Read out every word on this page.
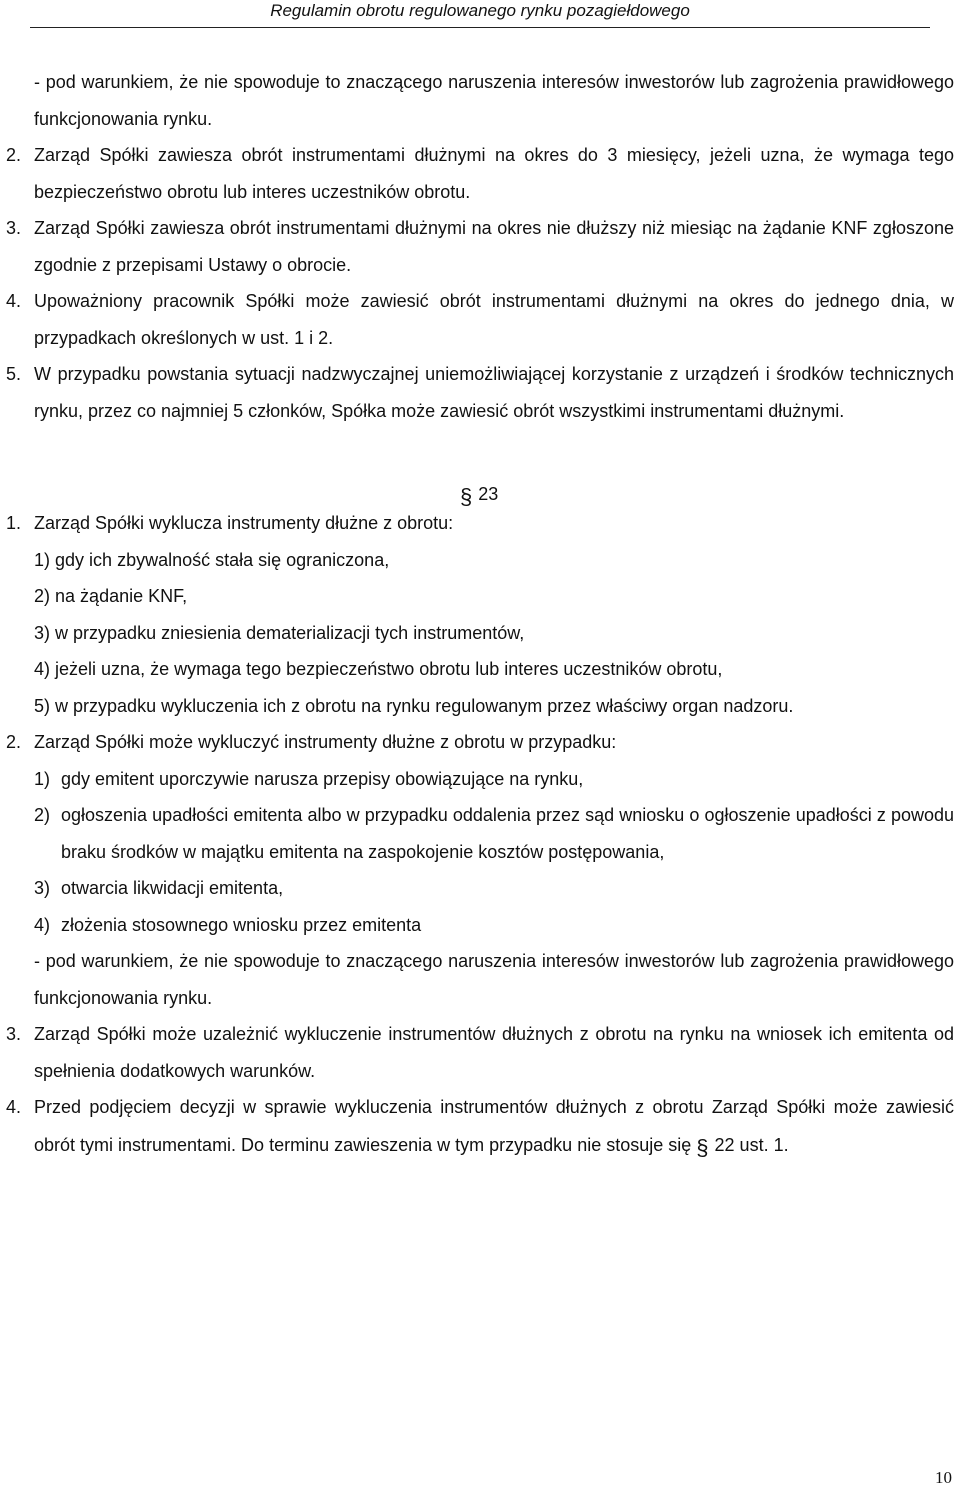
Regulamin obrotu regulowanego rynku pozagiełdowego

- pod warunkiem, że nie spowoduje to znaczącego naruszenia interesów inwestorów lub zagrożenia prawidłowego funkcjonowania rynku.

2. Zarząd Spółki zawiesza obrót instrumentami dłużnymi na okres do 3 miesięcy, jeżeli uzna, że wymaga tego bezpieczeństwo obrotu lub interes uczestników obrotu.

3. Zarząd Spółki zawiesza obrót instrumentami dłużnymi na okres nie dłuższy niż miesiąc na żądanie KNF zgłoszone zgodnie z przepisami Ustawy o obrocie.

4. Upoważniony pracownik Spółki może zawiesić obrót instrumentami dłużnymi na okres do jednego dnia, w przypadkach określonych w ust. 1 i 2.

5. W przypadku powstania sytuacji nadzwyczajnej uniemożliwiającej korzystanie z urządzeń i środków technicznych rynku, przez co najmniej 5 członków, Spółka może zawiesić obrót wszystkimi instrumentami dłużnymi.

§ 23

1. Zarząd Spółki wyklucza instrumenty dłużne z obrotu:

1) gdy ich zbywalność stała się ograniczona,

2) na żądanie KNF,

3) w przypadku zniesienia dematerializacji tych instrumentów,

4) jeżeli uzna, że wymaga tego bezpieczeństwo obrotu lub interes uczestników obrotu,

5) w przypadku wykluczenia ich z obrotu na rynku regulowanym przez właściwy organ nadzoru.

2. Zarząd Spółki może wykluczyć instrumenty dłużne z obrotu w przypadku:

1) gdy emitent uporczywie narusza przepisy obowiązujące na rynku,

2) ogłoszenia upadłości emitenta albo w przypadku oddalenia przez sąd wniosku o ogłoszenie upadłości z powodu braku środków w majątku emitenta na zaspokojenie kosztów postępowania,

3) otwarcia likwidacji emitenta,

4) złożenia stosownego wniosku przez emitenta

- pod warunkiem, że nie spowoduje to znaczącego naruszenia interesów inwestorów lub zagrożenia prawidłowego funkcjonowania rynku.

3. Zarząd Spółki może uzależnić wykluczenie instrumentów dłużnych z obrotu na rynku na wniosek ich emitenta od spełnienia dodatkowych warunków.

4. Przed podjęciem decyzji w sprawie wykluczenia instrumentów dłużnych z obrotu Zarząd Spółki może zawiesić obrót tymi instrumentami. Do terminu zawieszenia w tym przypadku nie stosuje się § 22 ust. 1.

10
